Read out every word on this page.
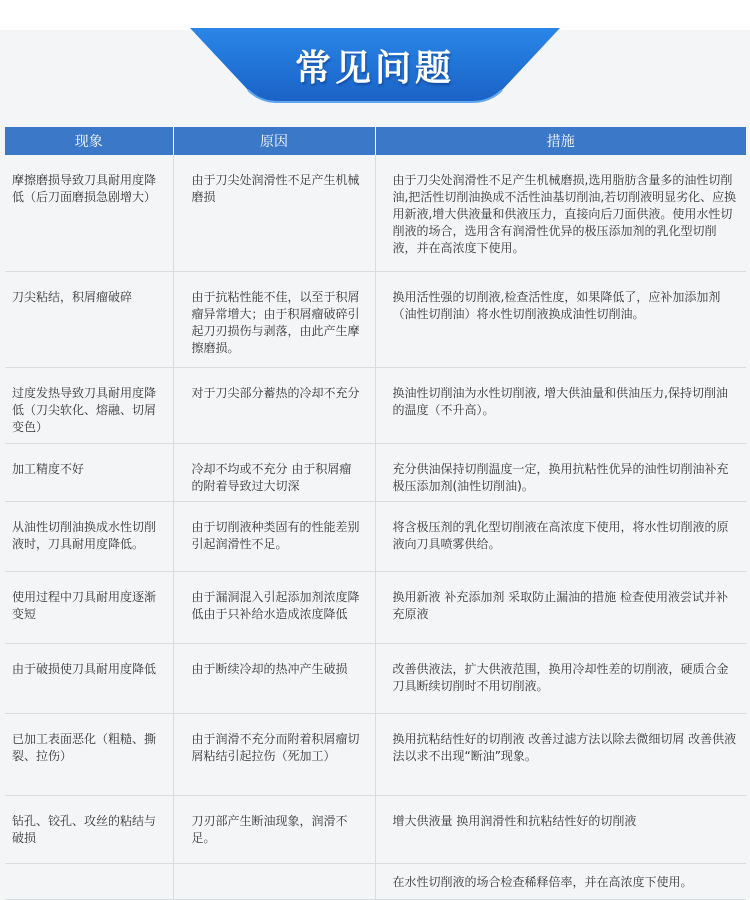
常见问题
现象	原因	措施
摩擦磨损导致刀具耐用度降低（后刀面磨损急剧增大）	由于刀尖处润滑性不足产生机械磨损	由于刀尖处润滑性不足产生机械磨损,选用脂肪含量多的油性切削油,把活性切削油换成不活性油基切削油,若切削液明显劣化、应换用新液,增大供液量和供液压力，直接向后刀面供液。使用水性切削液的场合，选用含有润滑性优异的极压添加剂的乳化型切削液，并在高浓度下使用。
刀尖粘结，积屑瘤破碎	由于抗粘性能不佳，以至于积屑瘤异常增大；由于积屑瘤破碎引起刀刃损伤与剥落，由此产生摩擦磨损。	换用活性强的切削液,检查活性度，如果降低了，应补加添加剂（油性切削油）将水性切削液换成油性切削油。
过度发热导致刀具耐用度降低（刀尖软化、熔融、切屑变色）	对于刀尖部分蓄热的冷却不充分	换油性切削油为水性切削液, 增大供油量和供油压力,保持切削油的温度（不升高）。
加工精度不好	冷却不均或不充分 由于积屑瘤的附着导致过大切深	充分供油保持切削温度一定，换用抗粘性优异的油性切削油补充极压添加剂(油性切削油)。
从油性切削油换成水性切削液时，刀具耐用度降低。	由于切削液种类固有的性能差别引起润滑性不足。	将含极压剂的乳化型切削液在高浓度下使用，将水性切削液的原液向刀具喷雾供给。
使用过程中刀具耐用度逐渐变短	由于漏洞混入引起添加剂浓度降低由于只补给水造成浓度降低	换用新液 补充添加剂 采取防止漏油的措施 检查使用液尝试并补充原液
由于破损使刀具耐用度降低	由于断续冷却的热冲产生破损	改善供液法，扩大供液范围，换用冷却性差的切削液，硬质合金刀具断续切削时不用切削液。
已加工表面恶化（粗糙、撕裂、拉伤）	由于润滑不充分而附着积屑瘤切屑粘结引起拉伤（死加工）	换用抗粘结性好的切削液 改善过滤方法以除去微细切屑 改善供液法以求不出现“断油”现象。
钻孔、铰孔、攻丝的粘结与破损	刀刃部产生断油现象，润滑不足。	增大供液量 换用润滑性和抗粘结性好的切削液
		在水性切削液的场合检查稀释倍率，并在高浓度下使用。
